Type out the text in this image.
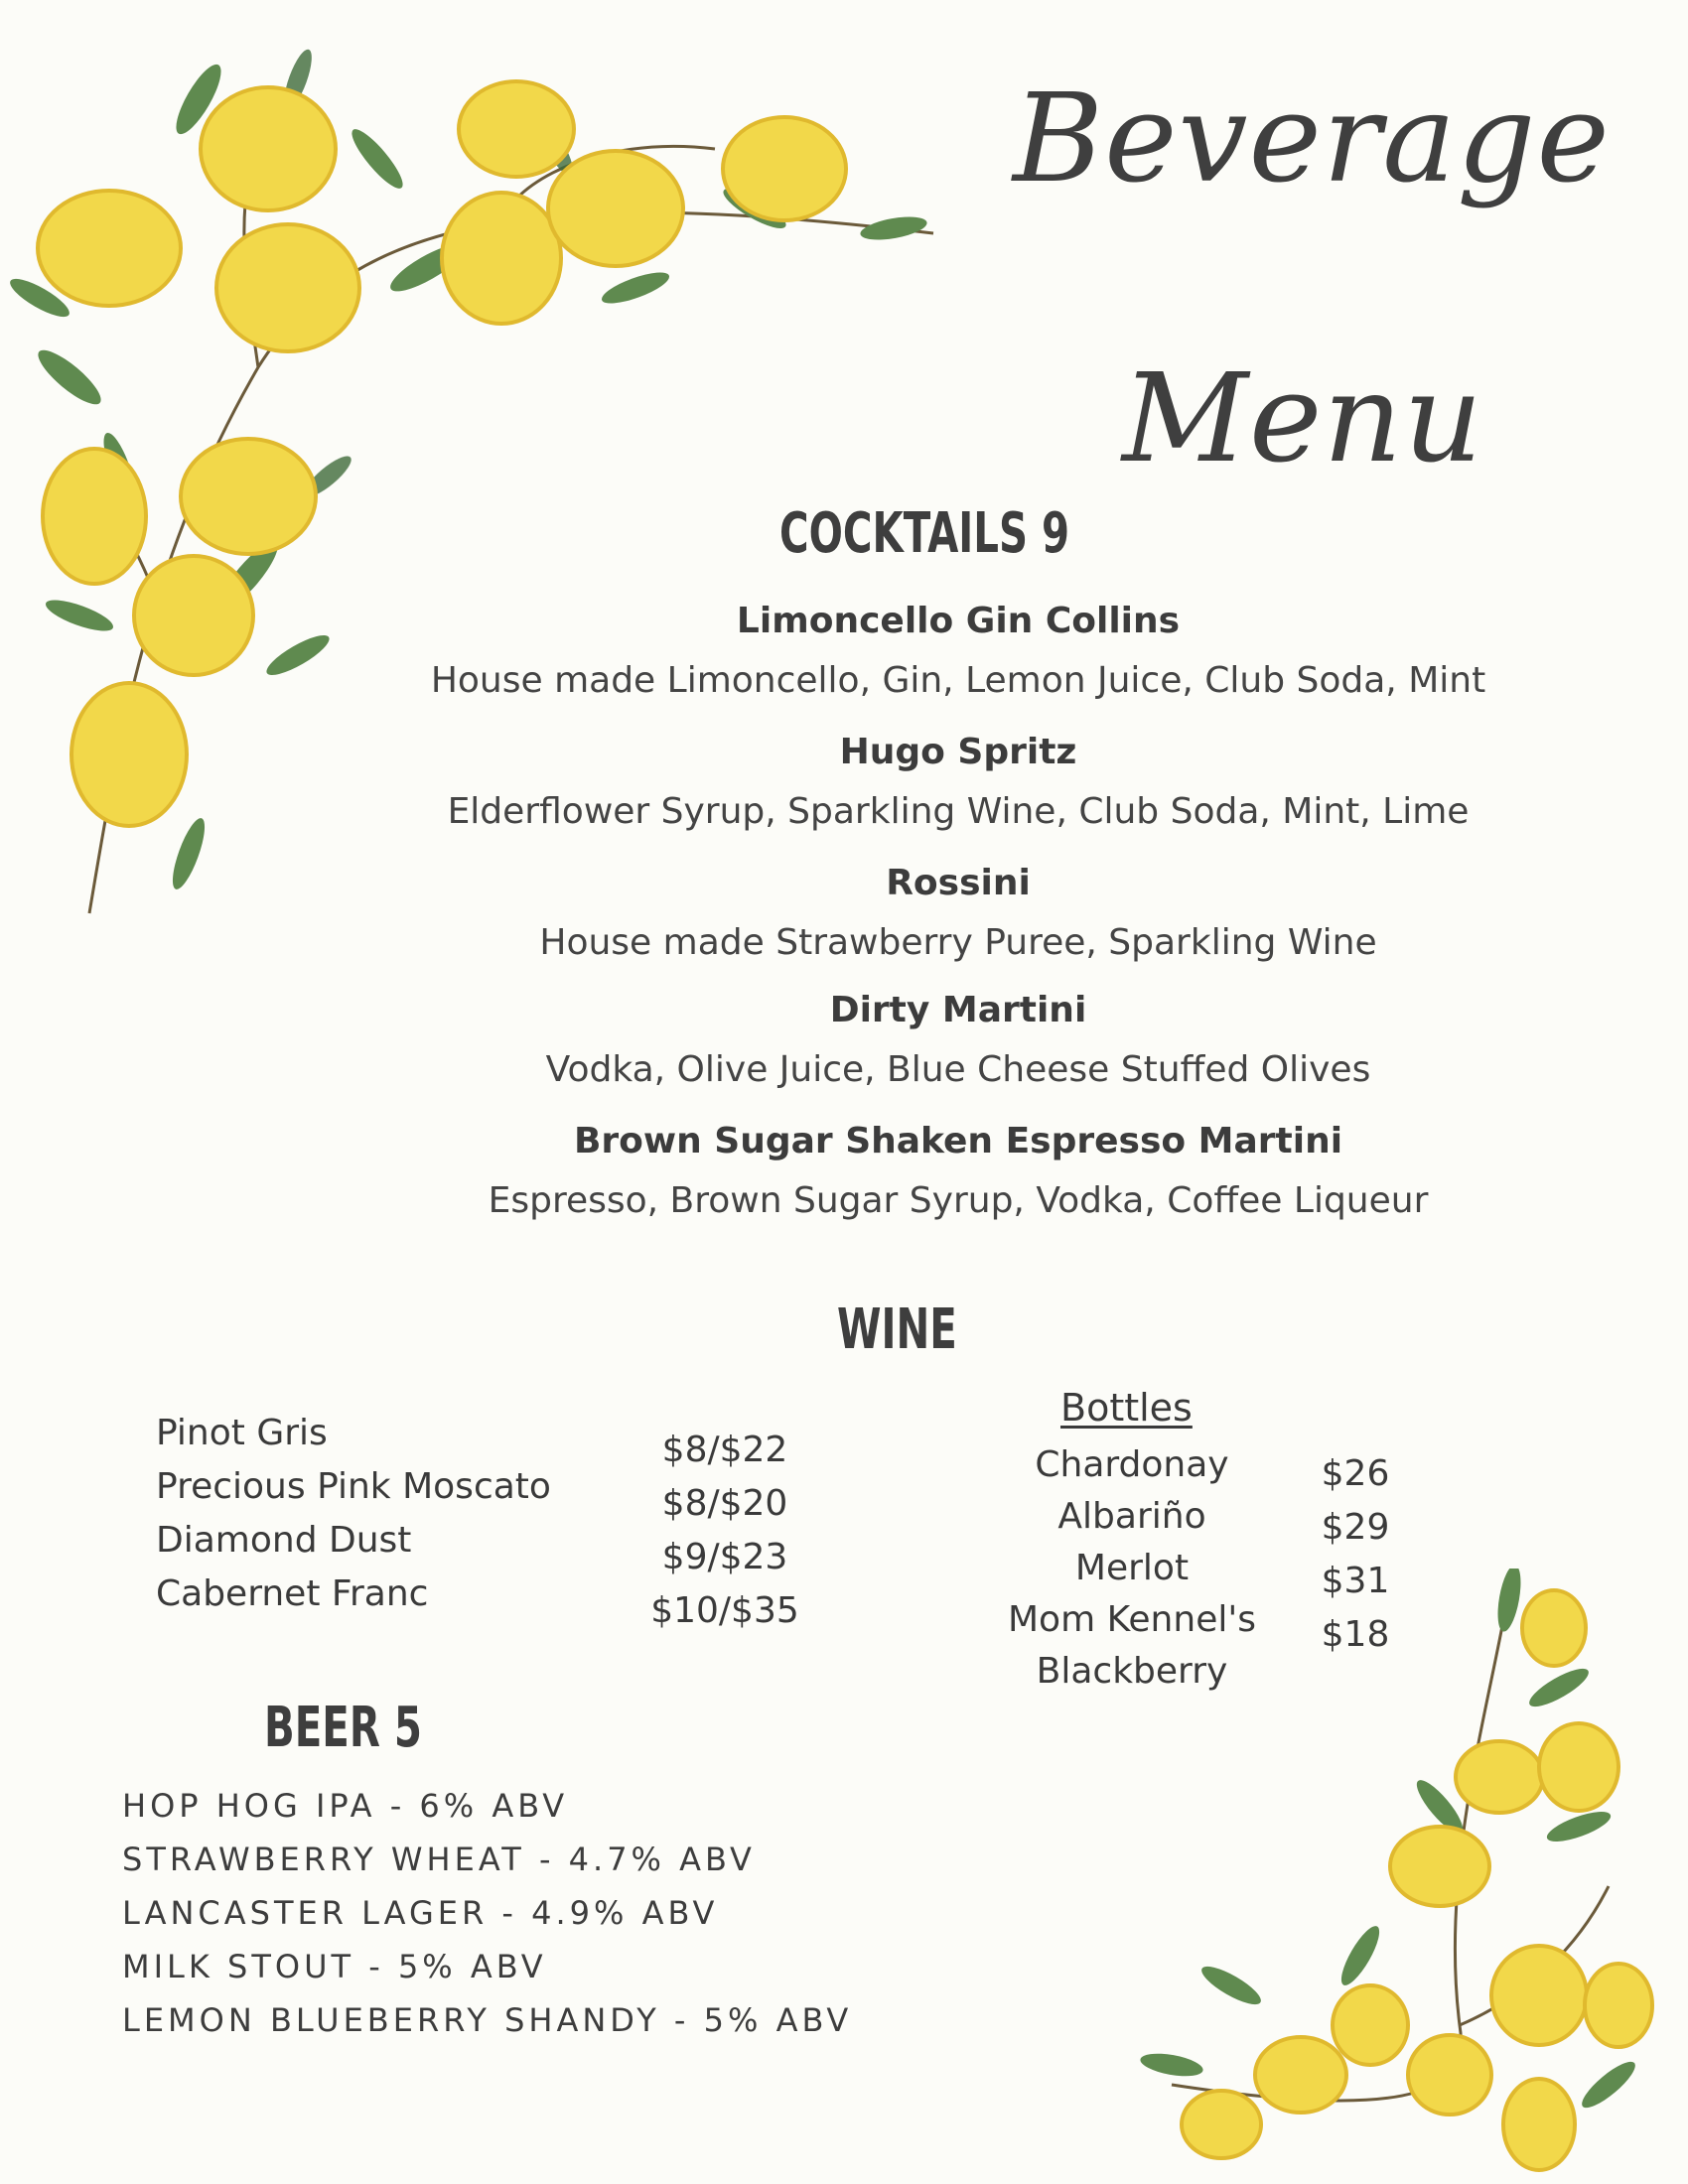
Beverage
Menu
COCKTAILS 9
Limoncello Gin Collins
House made Limoncello, Gin, Lemon Juice, Club Soda, Mint
Hugo Spritz
Elderflower Syrup, Sparkling Wine, Club Soda, Mint, Lime
Rossini
House made Strawberry Puree, Sparkling Wine
Dirty Martini
Vodka, Olive Juice, Blue Cheese Stuffed Olives
Brown Sugar Shaken Espresso Martini
Espresso, Brown Sugar Syrup, Vodka, Coffee Liqueur
WINE
Pinot Gris
Precious Pink Moscato
Diamond Dust
Cabernet Franc
$8/$22
$8/$20
$9/$23
$10/$35
Bottles
Chardonay
Albariño
Merlot
Mom Kennel's
Blackberry
$26
$29
$31
$18
BEER 5
HOP HOG IPA - 6% ABV
STRAWBERRY WHEAT - 4.7% ABV
LANCASTER LAGER - 4.9% ABV
MILK STOUT - 5% ABV
LEMON BLUEBERRY SHANDY - 5% ABV
